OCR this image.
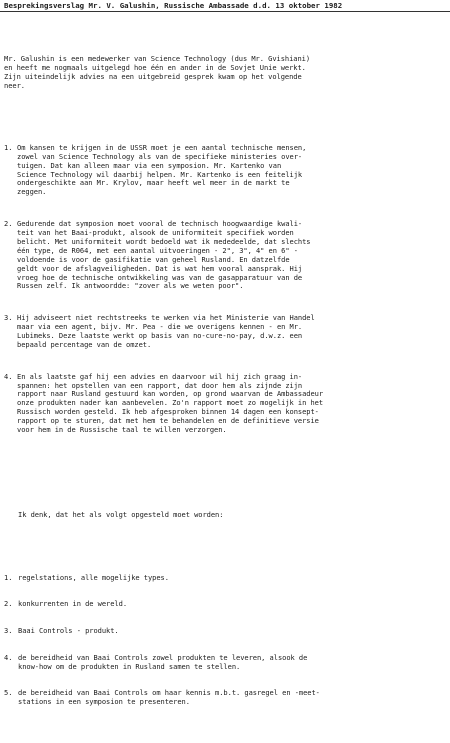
Besprekingsverslag Mr. V. Galushin, Russische Ambassade d.d. 13 oktober 1982

Mr. Galushin is een medewerker van Science Technology (dus Mr. Gvishiani)
en heeft me nogmaals uitgelegd hoe één en ander in de Sovjet Unie werkt.
Zijn uiteindelijk advies na een uitgebreid gesprek kwam op het volgende
neer.

1. Om kansen te krijgen in de USSR moet je een aantal technische mensen,
zowel van Science Technology als van de specifieke ministeries over-
tuigen. Dat kan alleen maar via een symposion. Mr. Kartenko van
Science Technology wil daarbij helpen. Mr. Kartenko is een feitelijk
ondergeschikte aan Mr. Krylov, maar heeft wel meer in de markt te
zeggen.

2. Gedurende dat symposion moet vooral de technisch hoogwaardige kwali-
teit van het Baai-produkt, alsook de uniformiteit specifiek worden
belicht. Met uniformiteit wordt bedoeld wat ik mededeelde, dat slechts
één type, de R064, met een aantal uitvoeringen - 2", 3", 4" en 6" -
voldoende is voor de gasifikatie van geheel Rusland. En datzelfde
geldt voor de afslagveiligheden. Dat is wat hem vooral aansprak. Hij
vroeg hoe de technische ontwikkeling was van de gasapparatuur van de
Russen zelf. Ik antwoordde: "zover als we weten poor".

3. Hij adviseert niet rechtstreeks te werken via het Ministerie van Handel
maar via een agent, bijv. Mr. Pea - die we overigens kennen - en Mr.
Lubimeks. Deze laatste werkt op basis van no-cure-no-pay, d.w.z. een
bepaald percentage van de omzet.

4. En als laatste gaf hij een advies en daarvoor wil hij zich graag in-
spannen: het opstellen van een rapport, dat door hem als zijnde zijn
rapport naar Rusland gestuurd kan worden, op grond waarvan de Ambassadeur
onze produkten nader kan aanbevelen. Zo'n rapport moet zo mogelijk in het
Russisch worden gesteld. Ik heb afgesproken binnen 14 dagen een konsept-
rapport op te sturen, dat met hem te behandelen en de definitieve versie
voor hem in de Russische taal te willen verzorgen.

Ik denk, dat het als volgt opgesteld moet worden:

1. regelstations, alle mogelijke types.

2. konkurrenten in de wereld.

3. Baai Controls - produkt.

4. de bereidheid van Baai Controls zowel produkten te leveren, alsook de
know-how om de produkten in Rusland samen te stellen.

5. de bereidheid van Baai Controls om haar kennis m.b.t. gasregel en -meet-
stations in een symposion te presenteren.
